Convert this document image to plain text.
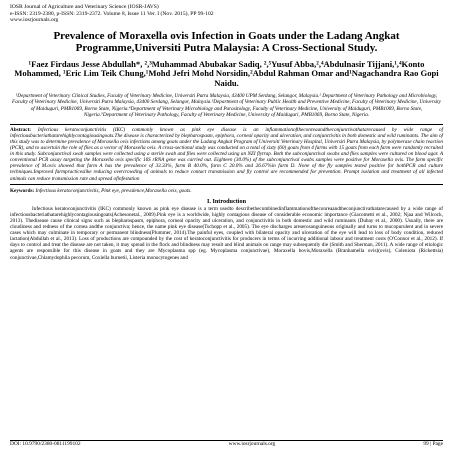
IOSR Journal of Agriculture and Veterinary Science (IOSR-JAVS)
e-ISSN: 2319-2380, p-ISSN: 2319-2372. Volume 8, Issue 11 Ver. I (Nov. 2015), PP 99-102
www.iosrjournals.org
Prevalence of Moraxella ovis Infection in Goats under the Ladang Angkat Programme,Universiti Putra Malaysia: A Cross-Sectional Study.
¹Faez Firdaus Jesse Abdullah*, ²,³Muhammad Abubakar Sadiq, ²,⁵Yusuf Abba,²,⁴Abdulnasir Tijjani,¹,⁴Konto Mohammed, ¹Eric Lim Teik Chung,¹Mohd Jefri Mohd Norsidin,²Abdul Rahman Omar and¹Nagachandra Rao Gopi Naidu.
¹Department of Veterinary Clinical Studies, Faculty of Veterinary Medicine, Universiti Putra Malaysia, 43400 UPM Serdang, Selangor, Malaysia.² Department of Veterinary Pathology and Microbiology, Faculty of Veterinary Medicine, Universiti Putra Malaysia, 43400 Serdang, Selangor, Malaysia.³Department of Veterinary Public Health and Preventive Medicine, Faculty of Veterinary Medicine, University of Maiduguri, PMB1069, Borno State, Nigeria.⁴Department of Veterinary Microbiology and Parasitology, Faculty of Veterinary Medicine, University of Maiduguri, PMB1069, Borno State, Nigeria.⁵Department of Veterinary Pathology, Faculty of Veterinary Medicine, University of Maiduguri, PMB1069, Borno State, Nigeria.
Abstract: Infectious keratoconjunctivitis (IKC) commonly known as pink eye disease is an inflammationoftheconreaandtheconjunctivathatarecaused by wide range of infectiousbacteriathatarehighlycontagiousingoats.The disease is characterized by blepharospasm, epiphora, corneal opacity and ulceration, and conjunctivitis in both domestic and wild ruminants. The aim of this study was to determine prevalence of Moraxella ovis infections among goats under the Ladang Angkat Program of Universiti Veterinary Hospital, Universiti Putra Malaysia, by polymerase chain reaction (PCR), and to ascertain the role of flies as a vector of Moraxella ovis. A cross-sectional study was conducted on a total of sixty (60) goats from 4 farms with 15 goats from each farm were randomly recruited in this study. Subconjunctival swab samples were collected using a sterile swab and flies were collected using an NZI flytrap. Both the subconjunctival swabs and flies samples were cultured on blood agar. A conventional PCR assay targeting the Moraxella ovis specific 16S rRNA gene was carried out. Eighteen (30.0%) of the subconjunctival swabs samples were positive for Moraxella ovis. The farm specific prevalence of M.ovis showed that farm A has the prevalence of 33.33%, farm B 40.0%, farm C 20.0% and 26.67%in farm D. None of the fly samples tested positive for bothPCR and culture techniques.Improved farmpracticeslike reducing overcrowding of animals to reduce contact transmission and fly control are recommended for prevention. Prompt isolation and treatment of all infected animals can reduce transmission rate and spread ofinfestation
Keywords: Infectious keratoconjunctivitis, Pink eye, prevalence,Moraxella ovis, goats.
I. Introduction
Infectious keratoconjunctivitis (IKC) commonly known as pink eye disease is a term usedto describethecombinedinflammationoftheconreaandtheconjunctivathatarecaused by a wide range of infectiousbacteriathatarehighlycontagiousingoats(Achesonetal., 2009).Pink eye is a worldwide, highly contagious disease of considerable economic importance (Giacometti et al., 2002; Njaa and Wilcock, 2013). Thedisease cause clinical signs such as blepharospasm, epiphora, corneal opacity and ulceration, and conjunctivitis in both domestic and wild ruminants (Dubay et al., 2000). Usually, there are cloudiness and redness of the cornea andthe conjunctiva; hence, the name pink eye disease(Tschopp et al., 2005). The eye discharges areserosanguineous originally and turns to mucopurulent and in severe cases which may culminate in temporary or permanent blindness(Plummer, 2014).The painful eyes, coupled with bilateral opacity and ulceration of the eye will lead to loss of body condition, reduced lactation(Abdullah et al., 2013). Loss of productions are compounded by the cost of keratoconjunctivitis for producers in terms of incurring additional labour and treatment costs (O'Connor et al., 2012). If days to control and treat the disease are not taken, it may spread in the flock and blindness may result and blind animals on range may subsequently die (Smith and Sherman, 2011). A wide range of etiologic agents are responsible for this disease in goats and they are Mycoplasma spp (eg. Mycoplasma conjunctivae), Moraxella bovis,Moraxella (Branhamella ovis)(ovis), Coleniota (Rickettsia) conjunctivae,Chlamydophila pecorum, Coxiella burnetii, Listeria monocytogenes and
DOI: 10.9790/2380-0811199102	www.iosrjournals.org	99 | Page
